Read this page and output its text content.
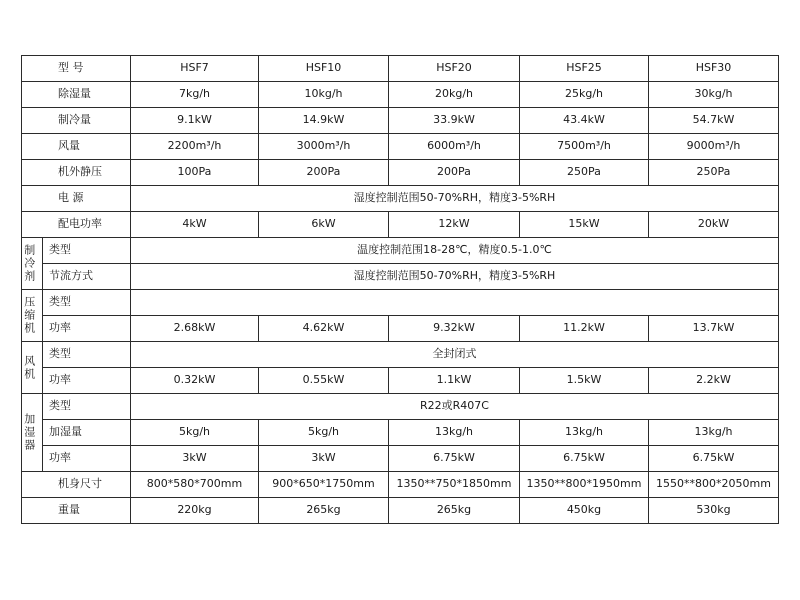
型 号		HSF7	HSF10	HSF20	HSF25	HSF30
除湿量		7kg/h	10kg/h	20kg/h	25kg/h	30kg/h
制冷量		9.1kW	14.9kW	33.9kW	43.4kW	54.7kW
风量		2200m³/h	3000m³/h	6000m³/h	7500m³/h	9000m³/h
机外静压		100Pa	200Pa	200Pa	250Pa	250Pa
电 源		湿度控制范围50-70%RH，精度3-5%RH				
配电功率		4kW	6kW	12kW	15kW	20kW

制冷剂	类型	温度控制范围18-28℃，精度0.5-1.0℃				
	节流方式	湿度控制范围50-70%RH，精度3-5%RH				

压缩机	类型					
	功率	2.68kW	4.62kW	9.32kW	11.2kW	13.7kW

风机	类型	全封闭式				
	功率	0.32kW	0.55kW	1.1kW	1.5kW	2.2kW

加湿器	类型	R22或R407C				
	加湿量	5kg/h	5kg/h	13kg/h	13kg/h	13kg/h
	功率	3kW	3kW	6.75kW	6.75kW	6.75kW
机身尺寸		800*580*700mm	900*650*1750mm	1350**750*1850mm	1350**800*1950mm	1550**800*2050mm
重量		220kg	265kg	265kg	450kg	530kg
